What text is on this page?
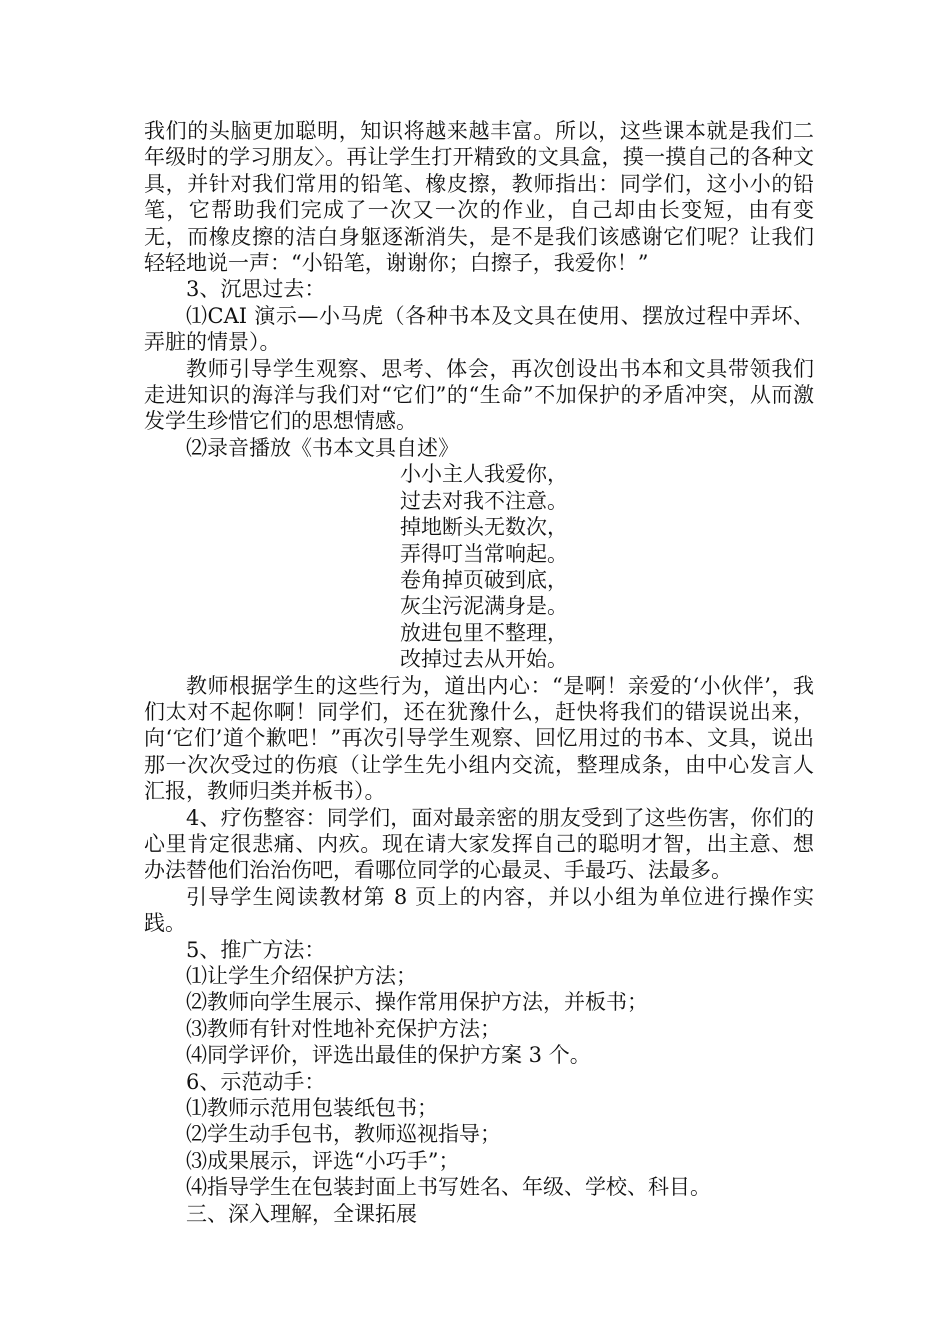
我们的头脑更加聪明，知识将越来越丰富。所以，这些课本就是我们二年级时的学习朋友〉。再让学生打开精致的文具盒，摸一摸自己的各种文具，并针对我们常用的铅笔、橡皮擦，教师指出：同学们，这小小的铅笔，它帮助我们完成了一次又一次的作业，自己却由长变短，由有变无，而橡皮擦的洁白身躯逐渐消失，是不是我们该感谢它们呢？让我们轻轻地说一声：“小铅笔，谢谢你；白擦子，我爱你！”

3、沉思过去：

⑴CAI 演示—小马虎（各种书本及文具在使用、摆放过程中弄坏、弄脏的情景）。

教师引导学生观察、思考、体会，再次创设出书本和文具带领我们走进知识的海洋与我们对“它们”的“生命”不加保护的矛盾冲突，从而激发学生珍惜它们的思想情感。

⑵录音播放《书本文具自述》

小小主人我爱你，
过去对我不注意。
掉地断头无数次，
弄得叮当常响起。
卷角掉页破到底，
灰尘污泥满身是。
放进包里不整理，
改掉过去从开始。

教师根据学生的这些行为，道出内心：“是啊！亲爱的‘小伙伴’，我们太对不起你啊！同学们，还在犹豫什么，赶快将我们的错误说出来，向‘它们’道个歉吧！”再次引导学生观察、回忆用过的书本、文具，说出那一次次受过的伤痕（让学生先小组内交流，整理成条，由中心发言人汇报，教师归类并板书）。

4、疗伤整容：同学们，面对最亲密的朋友受到了这些伤害，你们的心里肯定很悲痛、内疚。现在请大家发挥自己的聪明才智，出主意、想办法替他们治治伤吧，看哪位同学的心最灵、手最巧、法最多。

引导学生阅读教材第 8 页上的内容，并以小组为单位进行操作实践。

5、推广方法：

⑴让学生介绍保护方法；

⑵教师向学生展示、操作常用保护方法，并板书；

⑶教师有针对性地补充保护方法；

⑷同学评价，评选出最佳的保护方案 3 个。

6、示范动手：

⑴教师示范用包装纸包书；

⑵学生动手包书，教师巡视指导；

⑶成果展示，评选“小巧手”；

⑷指导学生在包装封面上书写姓名、年级、学校、科目。

三、深入理解，全课拓展
